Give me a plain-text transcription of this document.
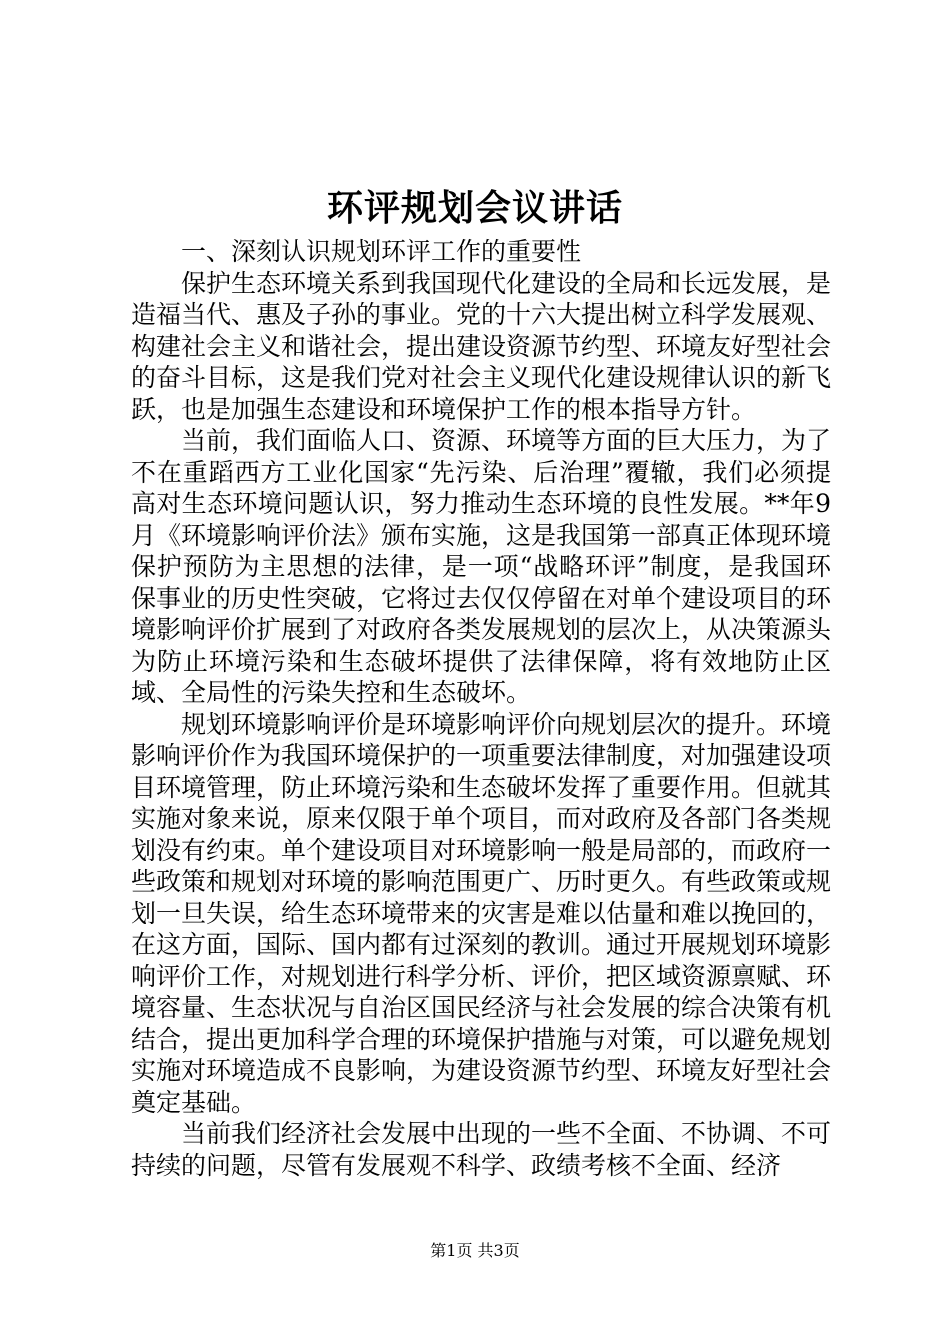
环评规划会议讲话

一、深刻认识规划环评工作的重要性

保护生态环境关系到我国现代化建设的全局和长远发展，是造福当代、惠及子孙的事业。党的十六大提出树立科学发展观、构建社会主义和谐社会，提出建设资源节约型、环境友好型社会的奋斗目标，这是我们党对社会主义现代化建设规律认识的新飞跃，也是加强生态建设和环境保护工作的根本指导方针。

当前，我们面临人口、资源、环境等方面的巨大压力，为了不在重蹈西方工业化国家“先污染、后治理”覆辙，我们必须提高对生态环境问题认识，努力推动生态环境的良性发展。**年9月《环境影响评价法》颁布实施，这是我国第一部真正体现环境保护预防为主思想的法律，是一项“战略环评”制度，是我国环保事业的历史性突破，它将过去仅仅停留在对单个建设项目的环境影响评价扩展到了对政府各类发展规划的层次上，从决策源头为防止环境污染和生态破坏提供了法律保障，将有效地防止区域、全局性的污染失控和生态破坏。

规划环境影响评价是环境影响评价向规划层次的提升。环境影响评价作为我国环境保护的一项重要法律制度，对加强建设项目环境管理，防止环境污染和生态破坏发挥了重要作用。但就其实施对象来说，原来仅限于单个项目，而对政府及各部门各类规划没有约束。单个建设项目对环境影响一般是局部的，而政府一些政策和规划对环境的影响范围更广、历时更久。有些政策或规划一旦失误，给生态环境带来的灾害是难以估量和难以挽回的，在这方面，国际、国内都有过深刻的教训。通过开展规划环境影响评价工作，对规划进行科学分析、评价，把区域资源禀赋、环境容量、生态状况与自治区国民经济与社会发展的综合决策有机结合，提出更加科学合理的环境保护措施与对策，可以避免规划实施对环境造成不良影响，为建设资源节约型、环境友好型社会奠定基础。

当前我们经济社会发展中出现的一些不全面、不协调、不可持续的问题，尽管有发展观不科学、政绩考核不全面、经济

第1页 共3页
